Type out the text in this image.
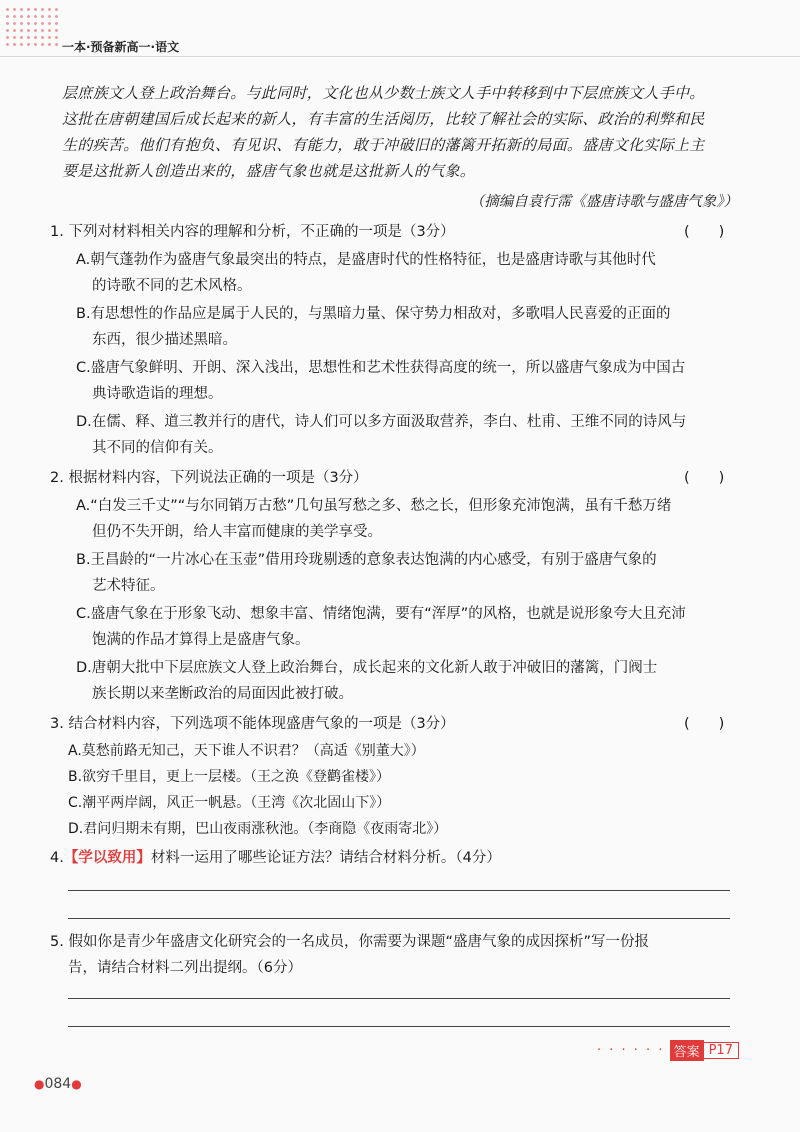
一本·预备新高一·语文
层庶族文人登上政治舞台。与此同时，文化也从少数士族文人手中转移到中下层庶族文人手中。
这批在唐朝建国后成长起来的新人，有丰富的生活阅历，比较了解社会的实际、政治的利弊和民
生的疾苦。他们有抱负、有见识、有能力，敢于冲破旧的藩篱开拓新的局面。盛唐文化实际上主
要是这批新人创造出来的，盛唐气象也就是这批新人的气象。
（摘编自袁行霈《盛唐诗歌与盛唐气象》）
1. 下列对材料相关内容的理解和分析，不正确的一项是（3分）	(　　)
A.朝气蓬勃作为盛唐气象最突出的特点，是盛唐时代的性格特征，也是盛唐诗歌与其他时代
的诗歌不同的艺术风格。
B.有思想性的作品应是属于人民的，与黑暗力量、保守势力相敌对，多歌唱人民喜爱的正面的
东西，很少描述黑暗。
C.盛唐气象鲜明、开朗、深入浅出，思想性和艺术性获得高度的统一，所以盛唐气象成为中国古
典诗歌造诣的理想。
D.在儒、释、道三教并行的唐代，诗人们可以多方面汲取营养，李白、杜甫、王维不同的诗风与
其不同的信仰有关。
2. 根据材料内容，下列说法正确的一项是（3分）	(　　)
A.“白发三千丈”“与尔同销万古愁”几句虽写愁之多、愁之长，但形象充沛饱满，虽有千愁万绪
但仍不失开朗，给人丰富而健康的美学享受。
B.王昌龄的“一片冰心在玉壶”借用玲珑剔透的意象表达饱满的内心感受，有别于盛唐气象的
艺术特征。
C.盛唐气象在于形象飞动、想象丰富、情绪饱满，要有“浑厚”的风格，也就是说形象夸大且充沛
饱满的作品才算得上是盛唐气象。
D.唐朝大批中下层庶族文人登上政治舞台，成长起来的文化新人敢于冲破旧的藩篱，门阀士
族长期以来垄断政治的局面因此被打破。
3. 结合材料内容，下列选项不能体现盛唐气象的一项是（3分）	(　　)
A.莫愁前路无知己，天下谁人不识君？（高适《别董大》）
B.欲穷千里目，更上一层楼。（王之涣《登鹳雀楼》）
C.潮平两岸阔，风正一帆悬。（王湾《次北固山下》）
D.君问归期未有期，巴山夜雨涨秋池。（李商隐《夜雨寄北》）
4.【学以致用】材料一运用了哪些论证方法？请结合材料分析。（4分）
5. 假如你是青少年盛唐文化研究会的一名成员，你需要为课题“盛唐气象的成因探析”写一份报
告，请结合材料二列出提纲。（6分）
· · · · · · 答案 P17
●084●
